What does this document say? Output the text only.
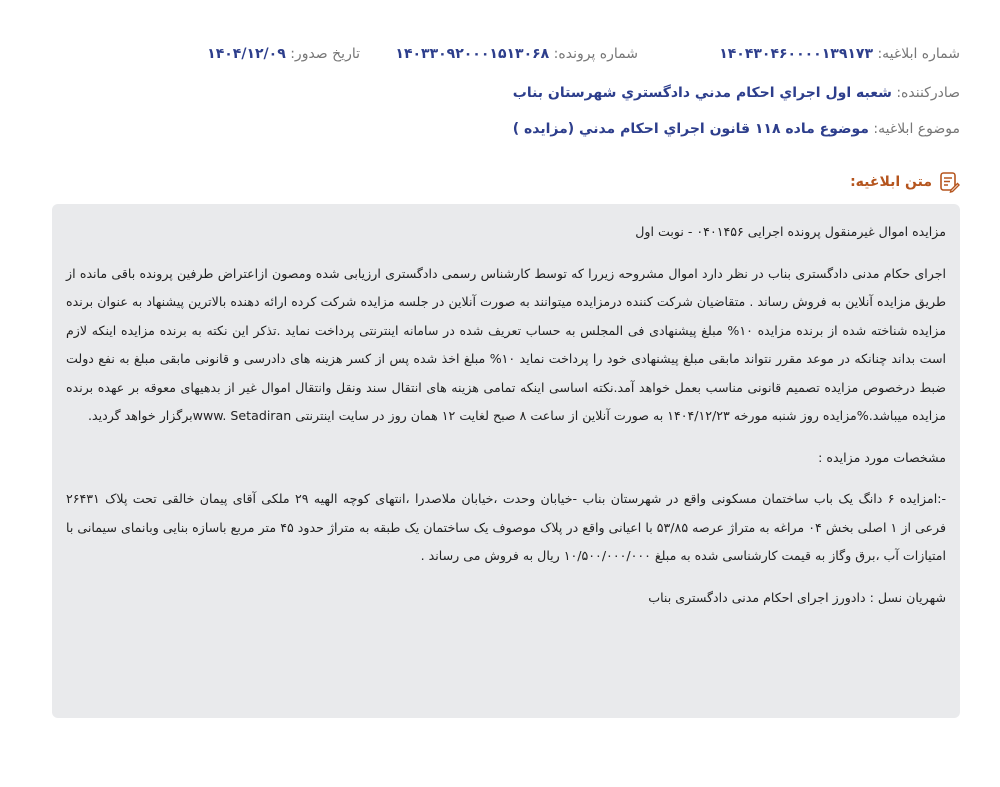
شماره ابلاغیه: ۱۴۰۴۳۰۴۶۰۰۰۰۱۳۹۱۷۳
شماره پرونده: ۱۴۰۳۳۰۹۲۰۰۰۱۵۱۳۰۶۸
تاریخ صدور: ۱۴۰۴/۱۲/۰۹
صادرکننده: شعبه اول اجراي احكام مدني دادگستري شهرستان بناب
موضوع ابلاغیه: موضوع ماده ۱۱۸ قانون اجراي احكام مدني (مزایده )
متن ابلاغیه:

مزایده اموال غیرمنقول پرونده اجرایی ۰۴۰۱۴۵۶ - نوبت اول

اجرای حکام مدنی دادگستری بناب در نظر دارد اموال مشروحه زیررا که توسط کارشناس رسمی دادگستری ارزیابی شده ومصون ازاعتراض طرفین پرونده باقی مانده از طریق مزایده آنلاین به فروش رساند . متقاضیان شرکت کننده درمزایده میتوانند به صورت آنلاین در جلسه مزایده شرکت کرده ارائه دهنده بالاترین پیشنهاد به عنوان برنده مزایده شناخته شده از برنده مزایده ۱۰% مبلغ پیشنهادی فی المجلس به حساب تعریف شده در سامانه اینترنتی پرداخت نماید .تذکر این نکته به برنده مزایده اینکه لازم است بداند چنانکه در موعد مقرر نتواند مابقی مبلغ پیشنهادی خود را پرداخت نماید ۱۰% مبلغ اخذ شده پس از کسر هزینه های دادرسی و قانونی مابقی مبلغ به نفع دولت ضبط درخصوص مزایده تصمیم قانونی مناسب بعمل خواهد آمد.نکته اساسی اینکه تمامی هزینه های انتقال سند ونقل وانتقال اموال غیر از بدهیهای معوقه بر عهده برنده مزایده میباشد.%مزایده روز شنبه مورخه ۱۴۰۴/۱۲/۲۳ به صورت آنلاین از ساعت ۸ صبح لغایت ۱۲ همان روز در سایت اینترنتی www. Setadiranبرگزار خواهد گردید.

مشخصات مورد مزایده :

-:امزایده ۶ دانگ یک باب ساختمان مسکونی واقع در شهرستان بناب -خیابان وحدت ،خیابان ملاصدرا ،انتهای کوچه الهیه ۲۹ ملکی آقای پیمان خالقی تحت پلاک ۲۶۴۳۱ فرعی از ۱ اصلی بخش ۰۴ مراغه به متراژ عرصه ۵۳/۸۵ با اعیانی واقع در پلاک موصوف یک ساختمان یک طبقه به متراژ حدود ۴۵ متر مربع باسازه بنایی وبانمای سیمانی با امتیازات آب ،برق وگاز به قیمت کارشناسی شده به مبلغ ۱۰/۵۰۰/۰۰۰/۰۰۰ ریال به فروش می رساند .

شهریان نسل : دادورز اجرای احکام مدنی دادگستری بناب
